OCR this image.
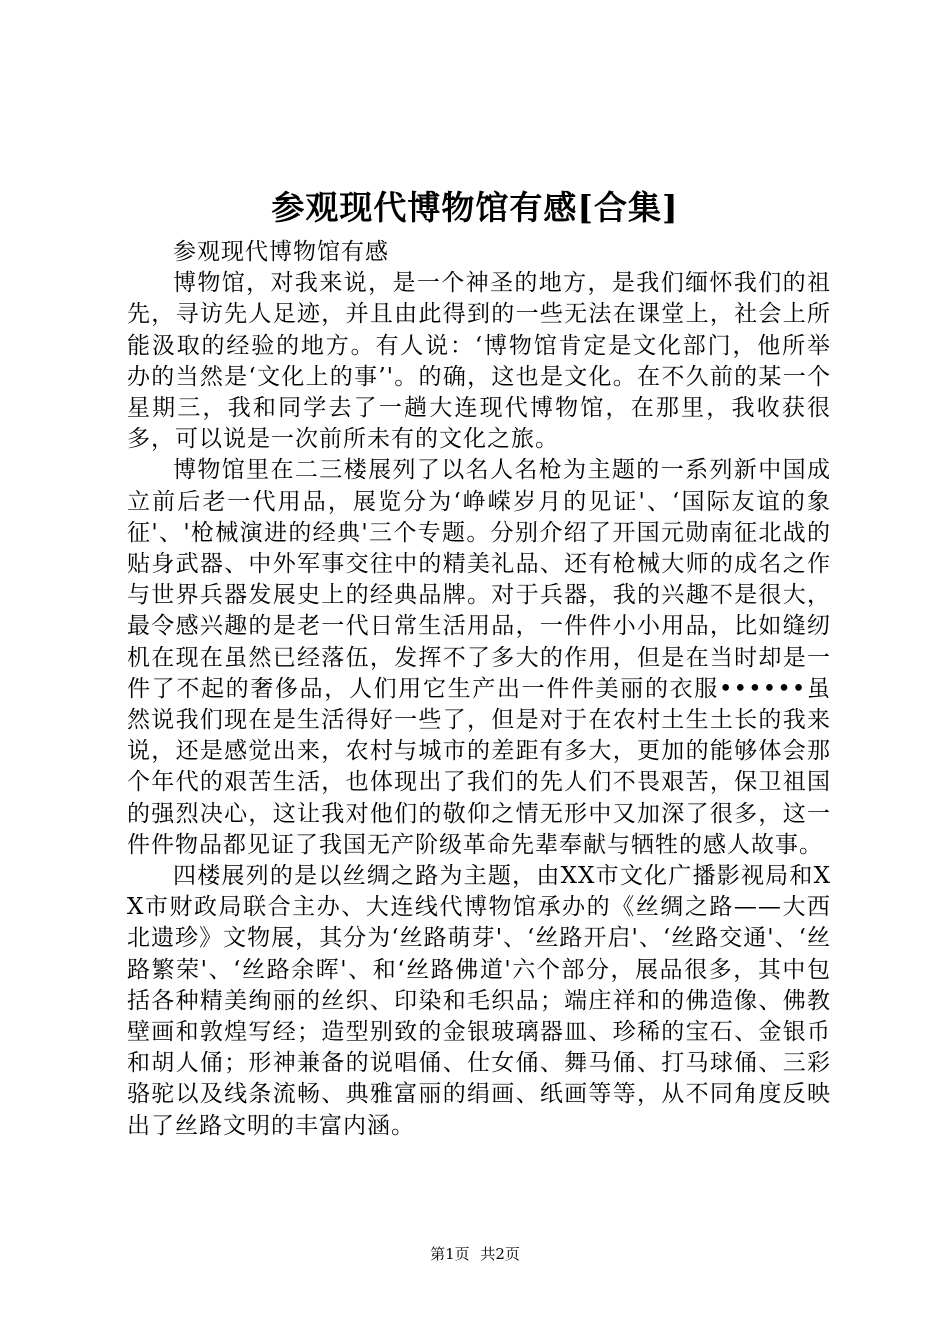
参观现代博物馆有感[合集]

参观现代博物馆有感

博物馆，对我来说，是一个神圣的地方，是我们缅怀我们的祖先，寻访先人足迹，并且由此得到的一些无法在课堂上，社会上所能汲取的经验的地方。有人说：‘博物馆肯定是文化部门，他所举办的当然是‘文化上的事’'。的确，这也是文化。在不久前的某一个星期三，我和同学去了一趟大连现代博物馆，在那里，我收获很多，可以说是一次前所未有的文化之旅。

博物馆里在二三楼展列了以名人名枪为主题的一系列新中国成立前后老一代用品，展览分为‘峥嵘岁月的见证'、‘国际友谊的象征'、'枪械演进的经典'三个专题。分别介绍了开国元勋南征北战的贴身武器、中外军事交往中的精美礼品、还有枪械大师的成名之作与世界兵器发展史上的经典品牌。对于兵器，我的兴趣不是很大，最令感兴趣的是老一代日常生活用品，一件件小小用品，比如缝纫机在现在虽然已经落伍，发挥不了多大的作用，但是在当时却是一件了不起的奢侈品，人们用它生产出一件件美丽的衣服••••••虽然说我们现在是生活得好一些了，但是对于在农村土生土长的我来说，还是感觉出来，农村与城市的差距有多大，更加的能够体会那个年代的艰苦生活，也体现出了我们的先人们不畏艰苦，保卫祖国的强烈决心，这让我对他们的敬仰之情无形中又加深了很多，这一件件物品都见证了我国无产阶级革命先辈奉献与牺牲的感人故事。

四楼展列的是以丝绸之路为主题，由XX市文化广播影视局和XX市财政局联合主办、大连线代博物馆承办的《丝绸之路——大西北遗珍》文物展，其分为‘丝路萌芽'、‘丝路开启'、‘丝路交通'、‘丝路繁荣'、‘丝路余晖'、和‘丝路佛道'六个部分，展品很多，其中包括各种精美绚丽的丝织、印染和毛织品；端庄祥和的佛造像、佛教壁画和敦煌写经；造型别致的金银玻璃器皿、珍稀的宝石、金银币和胡人俑；形神兼备的说唱俑、仕女俑、舞马俑、打马球俑、三彩骆驼以及线条流畅、典雅富丽的绢画、纸画等等，从不同角度反映出了丝路文明的丰富内涵。

第1页 共2页
